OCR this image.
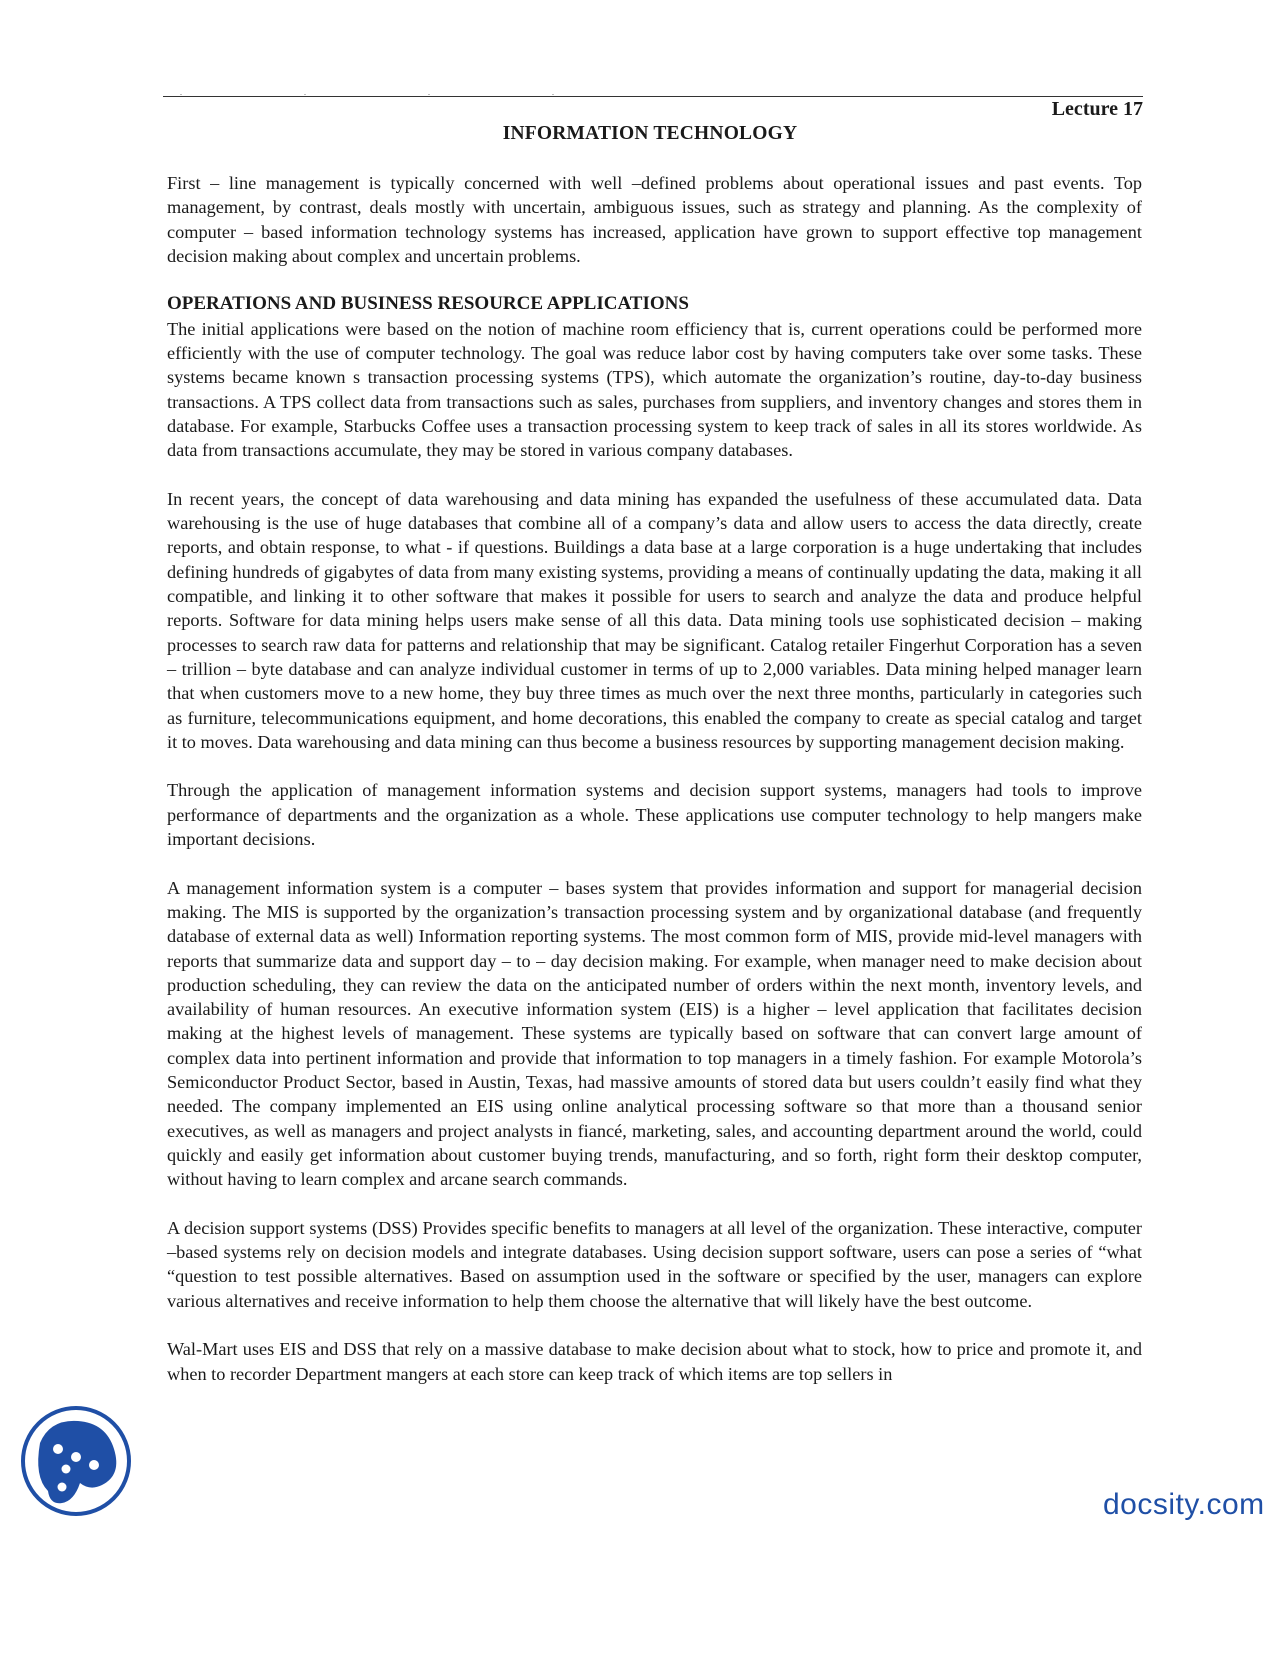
. . . .
Lecture 17
INFORMATION TECHNOLOGY

First – line management is typically concerned with well –defined problems about operational issues and past events. Top management, by contrast, deals mostly with uncertain, ambiguous issues, such as strategy and planning. As the complexity of computer – based information technology systems has increased, application have grown to support effective top management decision making about complex and uncertain problems.

OPERATIONS AND BUSINESS RESOURCE APPLICATIONS

The initial applications were based on the notion of machine room efficiency that is, current operations could be performed more efficiently with the use of computer technology. The goal was reduce labor cost by having computers take over some tasks. These systems became known s transaction processing systems (TPS), which automate the organization’s routine, day-to-day business transactions. A TPS collect data from transactions such as sales, purchases from suppliers, and inventory changes and stores them in database. For example, Starbucks Coffee uses a transaction processing system to keep track of sales in all its stores worldwide. As data from transactions accumulate, they may be stored in various company databases.

In recent years, the concept of data warehousing and data mining has expanded the usefulness of these accumulated data. Data warehousing is the use of huge databases that combine all of a company’s data and allow users to access the data directly, create reports, and obtain response, to what - if questions. Buildings a data base at a large corporation is a huge undertaking that includes defining hundreds of gigabytes of data from many existing systems, providing a means of continually updating the data, making it all compatible, and linking it to other software that makes it possible for users to search and analyze the data and produce helpful reports. Software for data mining helps users make sense of all this data. Data mining tools use sophisticated decision – making processes to search raw data for patterns and relationship that may be significant. Catalog retailer Fingerhut Corporation has a seven – trillion – byte database and can analyze individual customer in terms of up to 2,000 variables. Data mining helped manager learn that when customers move to a new home, they buy three times as much over the next three months, particularly in categories such as furniture, telecommunications equipment, and home decorations, this enabled the company to create as special catalog and target it to moves. Data warehousing and data mining can thus become a business resources by supporting management decision making.

Through the application of management information systems and decision support systems, managers had tools to improve performance of departments and the organization as a whole. These applications use computer technology to help mangers make important decisions.

A management information system is a computer – bases system that provides information and support for managerial decision making. The MIS is supported by the organization’s transaction processing system and by organizational database (and frequently database of external data as well) Information reporting systems. The most common form of MIS, provide mid-level managers with reports that summarize data and support day – to – day decision making. For example, when manager need to make decision about production scheduling, they can review the data on the anticipated number of orders within the next month, inventory levels, and availability of human resources. An executive information system (EIS) is a higher – level application that facilitates decision making at the highest levels of management. These systems are typically based on software that can convert large amount of complex data into pertinent information and provide that information to top managers in a timely fashion. For example Motorola’s Semiconductor Product Sector, based in Austin, Texas, had massive amounts of stored data but users couldn’t easily find what they needed. The company implemented an EIS using online analytical processing software so that more than a thousand senior executives, as well as managers and project analysts in fiancé, marketing, sales, and accounting department around the world, could quickly and easily get information about customer buying trends, manufacturing, and so forth, right form their desktop computer, without having to learn complex and arcane search commands.

A decision support systems (DSS) Provides specific benefits to managers at all level of the organization. These interactive, computer –based systems rely on decision models and integrate databases. Using decision support software, users can pose a series of “what “question to test possible alternatives. Based on assumption used in the software or specified by the user, managers can explore various alternatives and receive information to help them choose the alternative that will likely have the best outcome.

Wal-Mart uses EIS and DSS that rely on a massive database to make decision about what to stock, how to price and promote it, and when to recorder Department mangers at each store can keep track of which items are top sellers in

docsity.com
